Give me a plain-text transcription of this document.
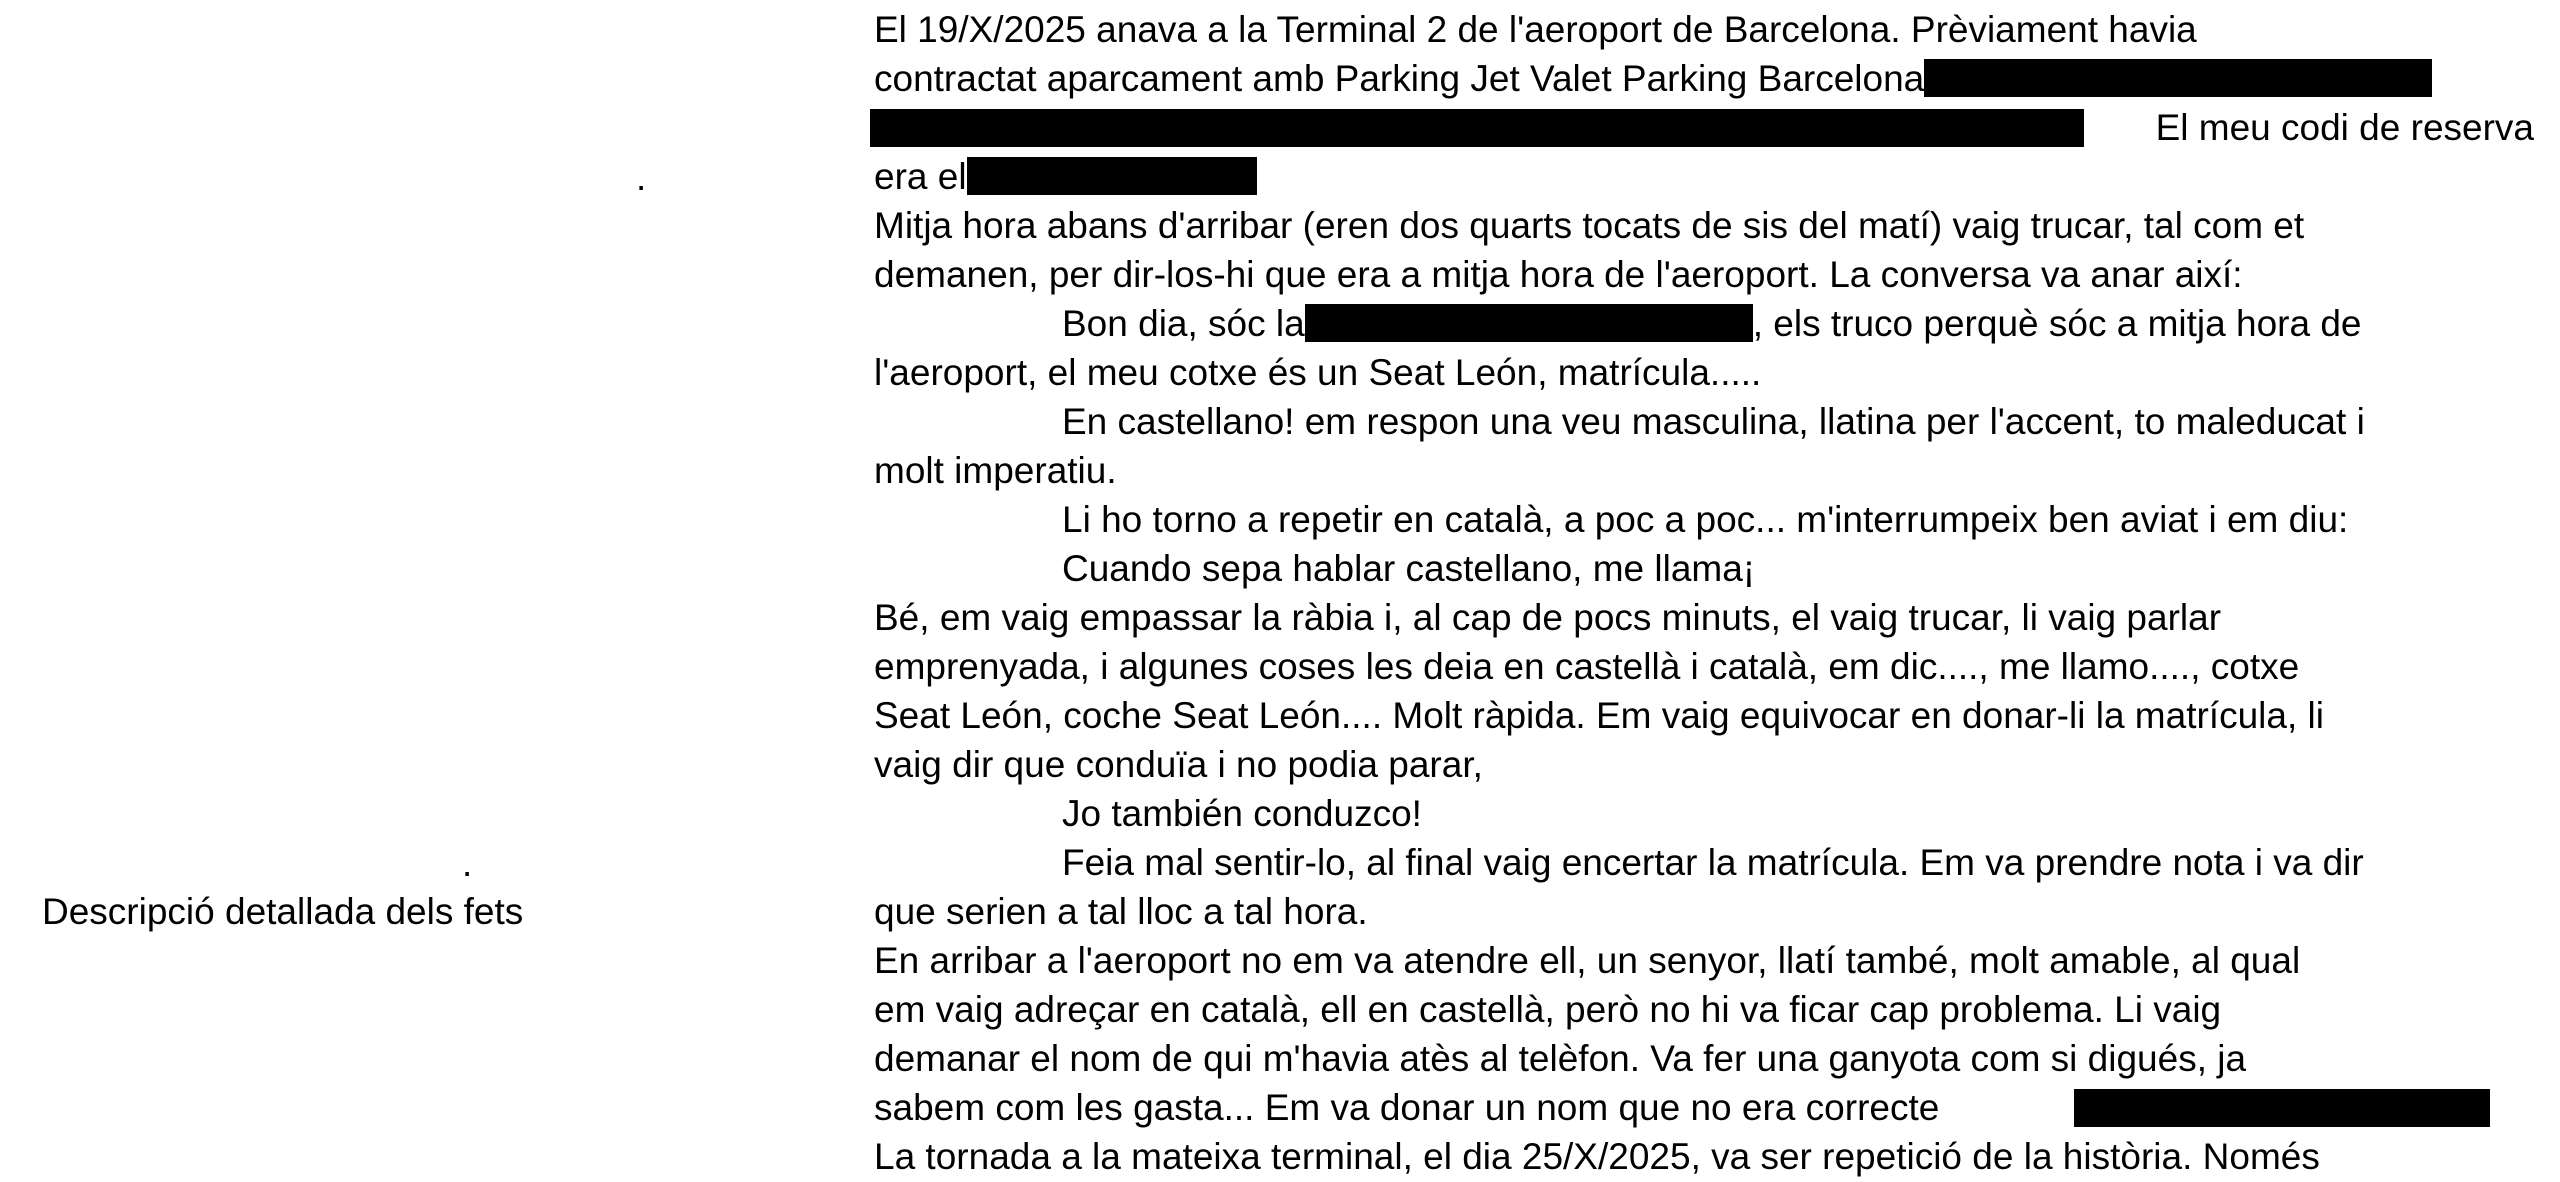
.
.
Descripció detallada dels fets
El 19/X/2025 anava a la Terminal 2 de l'aeroport de Barcelona. Prèviament havia
contractat aparcament amb Parking Jet Valet Parking Barcelona
El meu codi de reserva
era el
Mitja hora abans d'arribar (eren dos quarts tocats de sis del matí) vaig trucar, tal com et
demanen, per dir-los-hi que era a mitja hora de l'aeroport. La conversa va anar així:
Bon dia, sóc la	, els truco perquè sóc a mitja hora de
l'aeroport, el meu cotxe és un Seat León, matrícula.....
En castellano! em respon una veu masculina, llatina per l'accent, to maleducat i
molt imperatiu.
Li ho torno a repetir en català, a poc a poc... m'interrumpeix ben aviat i em diu:
Cuando sepa hablar castellano, me llama¡
Bé, em vaig empassar la ràbia i, al cap de pocs minuts, el vaig trucar, li vaig parlar
emprenyada, i algunes coses les deia en castellà i català, em dic...., me llamo...., cotxe
Seat León, coche Seat León.... Molt ràpida. Em vaig equivocar en donar-li la matrícula, li
vaig dir que conduïa i no podia parar,
Jo también conduzco!
Feia mal sentir-lo, al final vaig encertar la matrícula. Em va prendre nota i va dir
que serien a tal lloc a tal hora.
En arribar a l'aeroport no em va atendre ell, un senyor, llatí també, molt amable, al qual
em vaig adreçar en català, ell en castellà, però no hi va ficar cap problema. Li vaig
demanar el nom de qui m'havia atès al telèfon. Va fer una ganyota com si digués, ja
sabem com les gasta... Em va donar un nom que no era correcte
La tornada a la mateixa terminal, el dia 25/X/2025, va ser repetició de la història. Només
